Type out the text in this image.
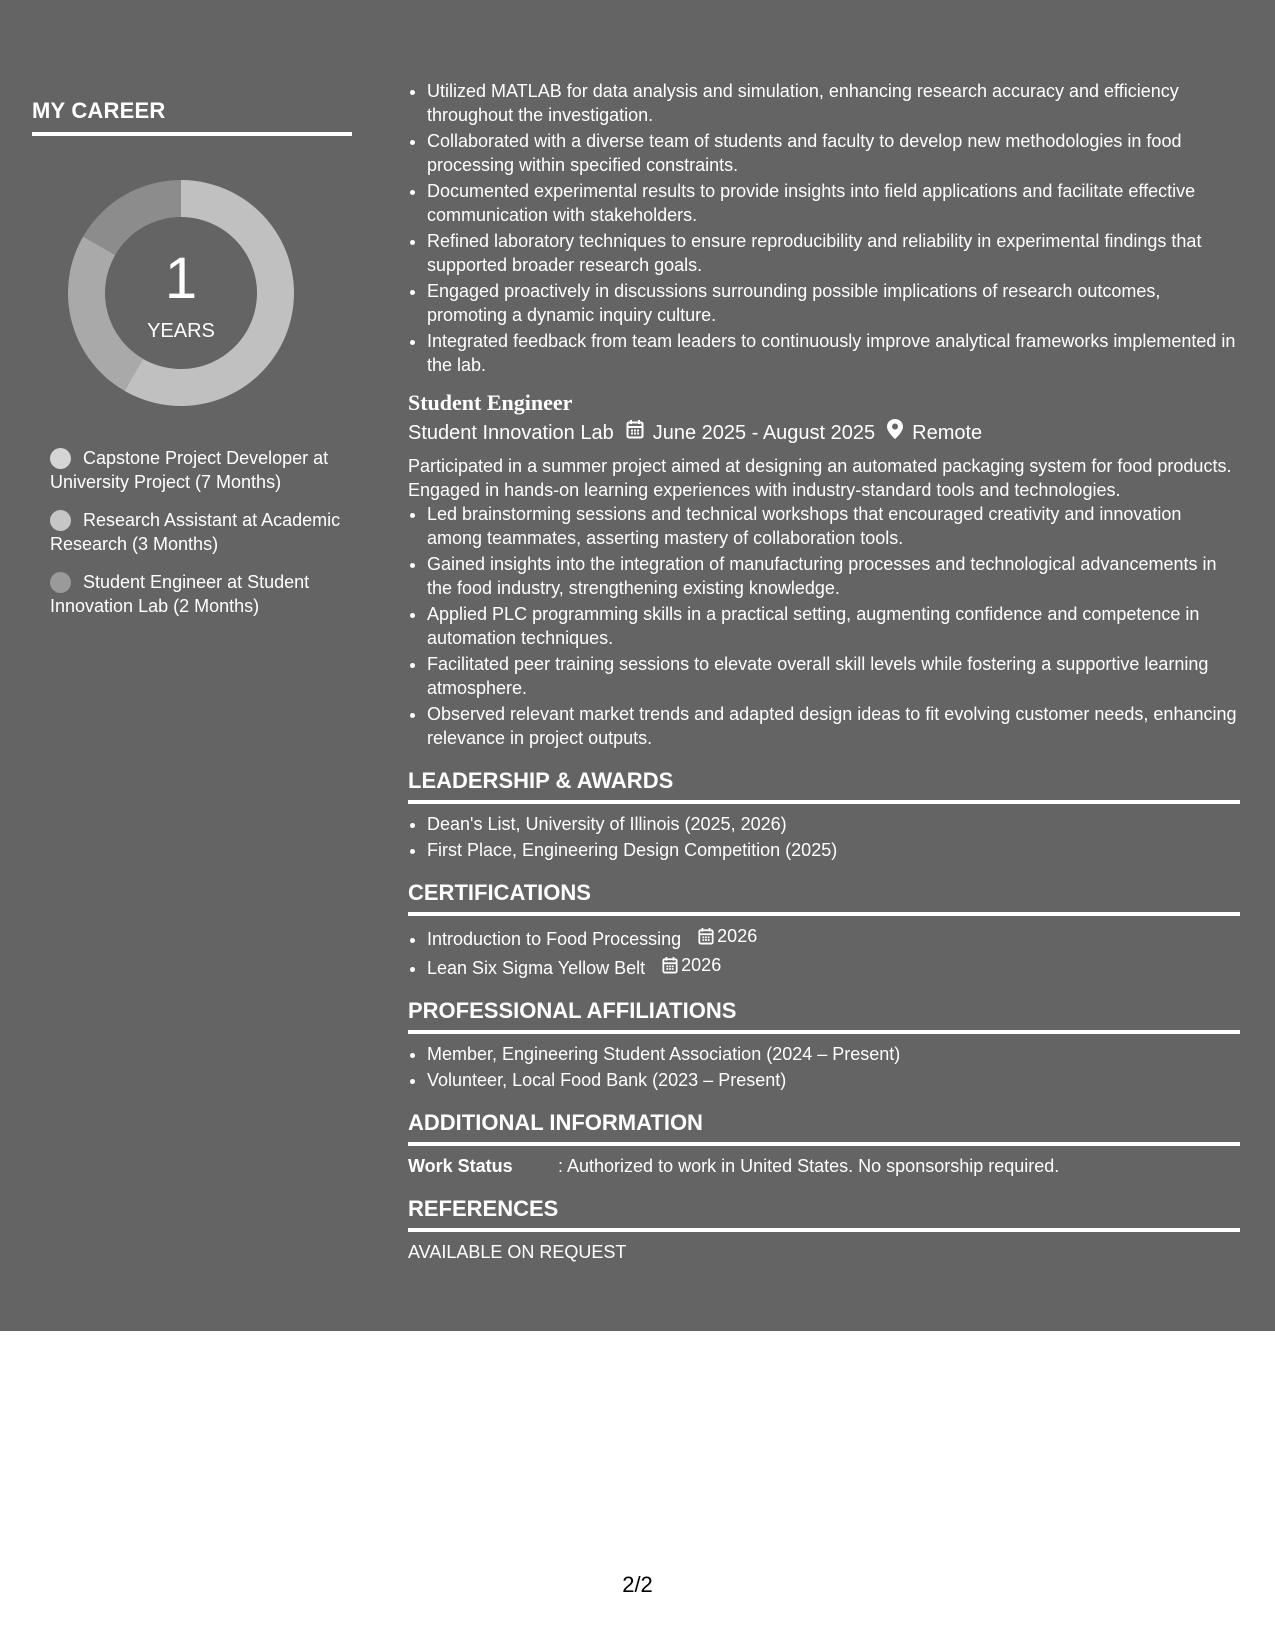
MY CAREER
1
YEARS
Capstone Project Developer at University Project (7 Months)
Research Assistant at Academic Research (3 Months)
Student Engineer at Student Innovation Lab (2 Months)
• Utilized MATLAB for data analysis and simulation, enhancing research accuracy and efficiency throughout the investigation.
• Collaborated with a diverse team of students and faculty to develop new methodologies in food processing within specified constraints.
• Documented experimental results to provide insights into field applications and facilitate effective communication with stakeholders.
• Refined laboratory techniques to ensure reproducibility and reliability in experimental findings that supported broader research goals.
• Engaged proactively in discussions surrounding possible implications of research outcomes, promoting a dynamic inquiry culture.
• Integrated feedback from team leaders to continuously improve analytical frameworks implemented in the lab.
Student Engineer
Student Innovation Lab June 2025 - August 2025 Remote
Participated in a summer project aimed at designing an automated packaging system for food products. Engaged in hands-on learning experiences with industry-standard tools and technologies.
• Led brainstorming sessions and technical workshops that encouraged creativity and innovation among teammates, asserting mastery of collaboration tools.
• Gained insights into the integration of manufacturing processes and technological advancements in the food industry, strengthening existing knowledge.
• Applied PLC programming skills in a practical setting, augmenting confidence and competence in automation techniques.
• Facilitated peer training sessions to elevate overall skill levels while fostering a supportive learning atmosphere.
• Observed relevant market trends and adapted design ideas to fit evolving customer needs, enhancing relevance in project outputs.
LEADERSHIP & AWARDS
• Dean's List, University of Illinois (2025, 2026)
• First Place, Engineering Design Competition (2025)
CERTIFICATIONS
• Introduction to Food Processing 2026
• Lean Six Sigma Yellow Belt 2026
PROFESSIONAL AFFILIATIONS
• Member, Engineering Student Association (2024 – Present)
• Volunteer, Local Food Bank (2023 – Present)
ADDITIONAL INFORMATION
Work Status	: Authorized to work in United States. No sponsorship required.
REFERENCES
AVAILABLE ON REQUEST
2/2
